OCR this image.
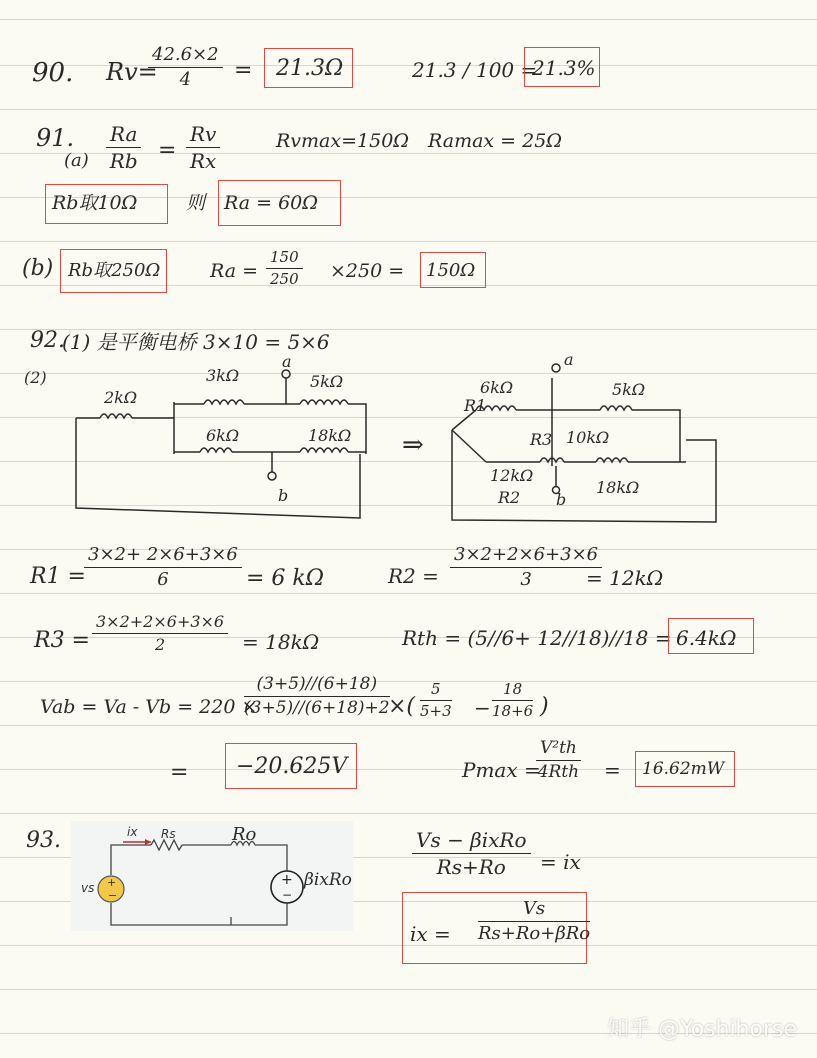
90. Rv=
$\frac{42.6\times 2}{4} = 21.3\Omega$	21.3 / 100 =
21.3%
91.
$(a) \frac{Ra}{Rb} = \frac{Rv}{Rx}$	Rvmax=150Ω Ramax = 25Ω
Rb取10Ω	则 Ra = 60Ω
(b) Rb取250Ω	$Ra = \frac{150}{250} \times 250 = 150\Omega$
92.
(1) 是平衡电桥 3×10 = 5×6
(2)
2kΩ
3kΩ	5kΩ
6kΩ	18kΩ
a
b
⇒
a
6kΩ
R1
5kΩ
R3 10kΩ
12kΩ
R2 b
18kΩ
R1 =
$\frac{3\times 2+ 2\times 6+3\times 6}{6} = 6$ kΩ	$R2 = \frac{3\times 2+2\times 6+3\times 6}{3}$
= 12kΩ
$R3 = \frac{3\times 2+2\times 6+3\times 6}{2} = 18k\Omega$	Rth = (5//6+ 12//18)//18 = 6.4kΩ
Vab = Va - Vb = 220 ×
$\frac{(3+5)//(6+18)}{(3+5)//(6+18)+2}$
×( $\frac{5}{5+3} - \frac{18}{18+6}$ )
= −20.625V	Pmax =
V²th
4Rth = 16.62mW
93.
+
−
+
−
ix Rs
vs
Ro
βixRo
Vs − βixRo
Rs+Ro	= ix
ix =
Vs
Rs+Ro+βRo
知乎 @Yoshihorse
